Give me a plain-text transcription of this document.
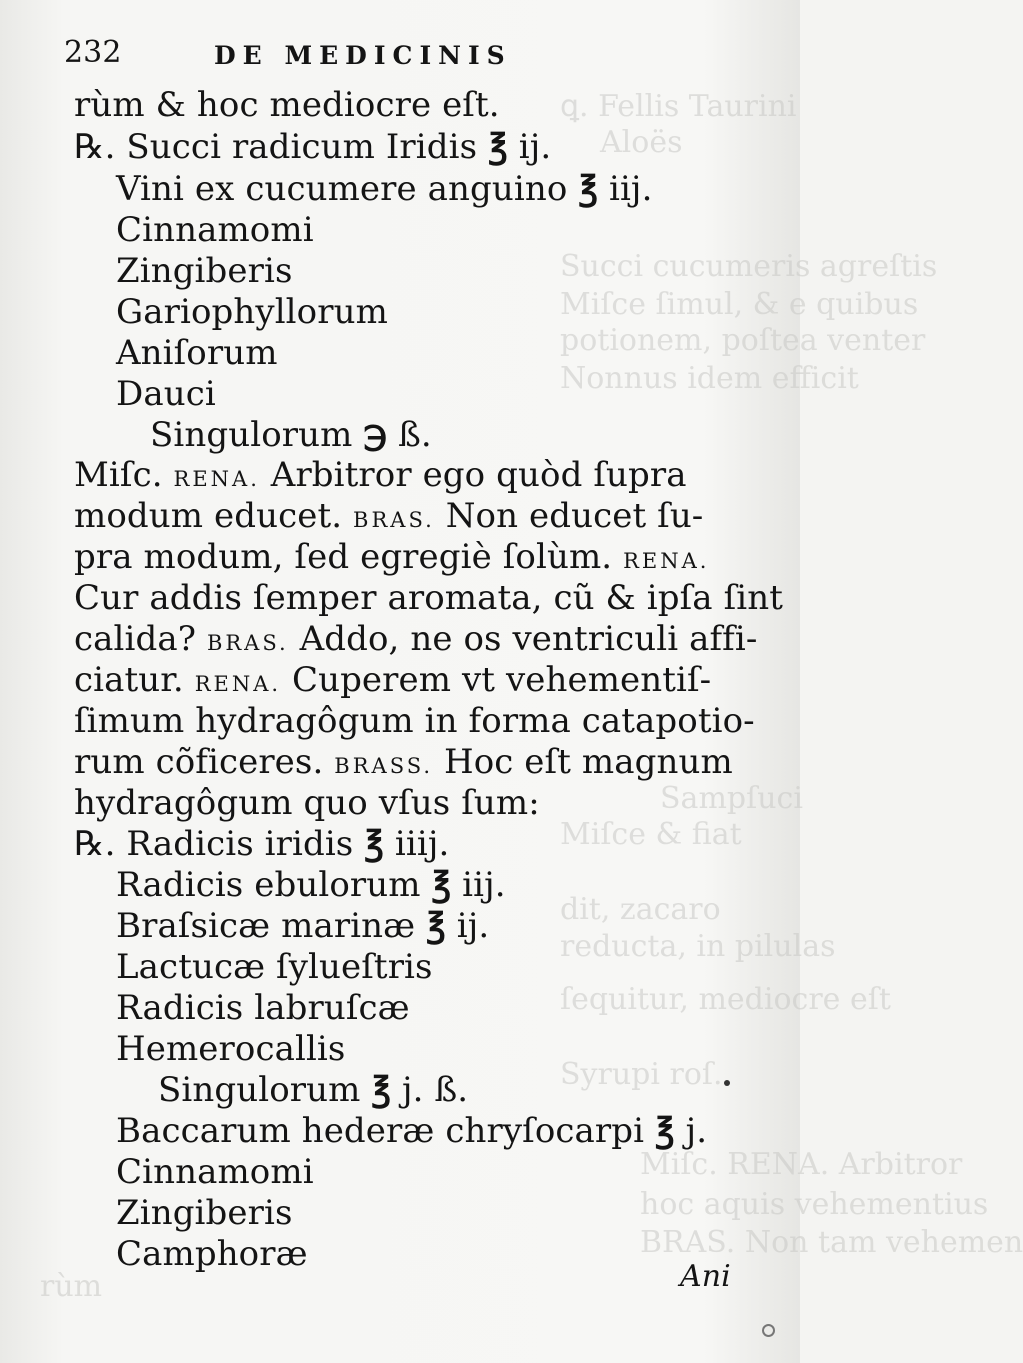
ꝗ. Fellis Taurini
Aloës
Succi cucumeris agreſtis
Miſce ſimul, & e quibus
potionem, poſtea venter
Nonnus idem efficit
Sampſuci
Miſce & fiat
dit, zacaro
reducta, in pilulas
ſequitur, mediocre eſt
Syrupi roſ.
Miſc. RENA. Arbitror
hoc aquis vehementius
BRAS. Non tam vehemen
rùm
232	DE MEDICINIS
rùm & hoc mediocre eſt.
℞. Succi radicum Iridis ℥ ij.
Vini ex cucumere anguino ℥ iij.
Cinnamomi
Zingiberis
Gariophyllorum
Aniſorum
Dauci
Singulorum ℈ ß.
Miſc. RENA. Arbitror ego quòd ſupra
modum educet. BRAS. Non educet ſu-
pra modum, ſed egregiè ſolùm. RENA.
Cur addis ſemper aromata, cũ & ipſa ſint
calida? BRAS. Addo, ne os ventriculi affi-
ciatur. RENA. Cuperem vt vehementiſ-
ſimum hydragôgum in forma catapotio-
rum cõficeres. BRASS. Hoc eſt magnum
hydragôgum quo vſus ſum:
℞. Radicis iridis ℥ iiij.
Radicis ebulorum ℥ iij.
Braſsicæ marinæ ℥ ij.
Lactucæ ſylueſtris
Radicis labruſcæ
Hemerocallis
Singulorum ℥ j. ß.
Baccarum hederæ chryſocarpi ℥ j.
Cinnamomi
Zingiberis
Camphoræ
Ani
